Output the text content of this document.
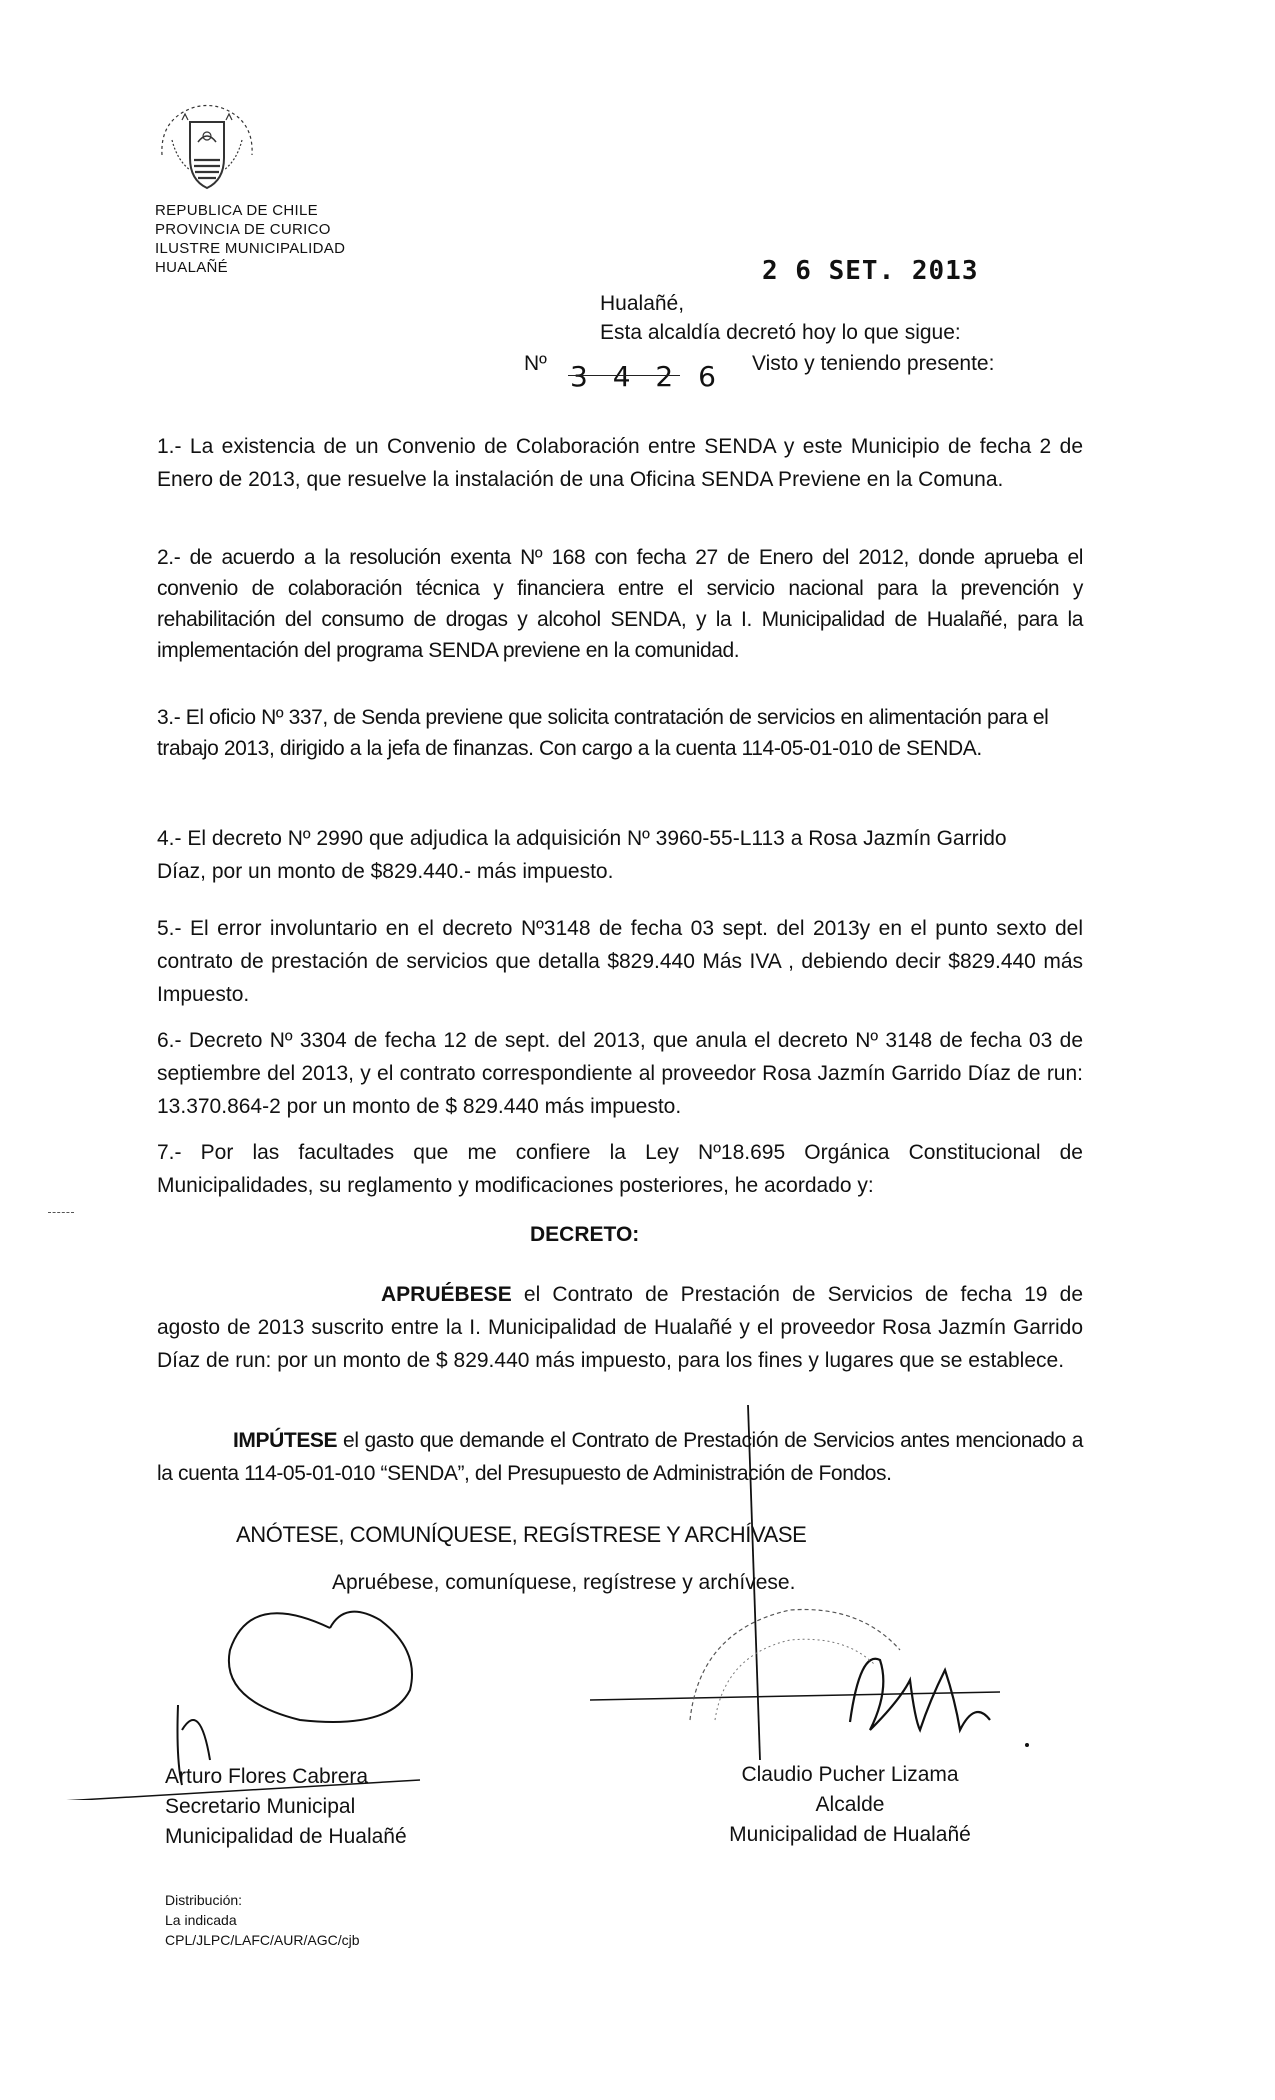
REPUBLICA DE CHILE
PROVINCIA DE CURICO
ILUSTRE MUNICIPALIDAD
HUALAÑÉ	2 6 SET. 2013
Hualañé,
Esta alcaldía decretó hoy lo que sigue:
Nº 3 4 2 6 Visto y teniendo presente:
1.- La existencia de un Convenio de Colaboración entre SENDA y este Municipio de fecha 2 de Enero de 2013, que resuelve la instalación de una Oficina SENDA Previene en la Comuna.
2.- de acuerdo a la resolución exenta Nº 168 con fecha 27 de Enero del 2012, donde aprueba el convenio de colaboración técnica y financiera entre el servicio nacional para la prevención y rehabilitación del consumo de drogas y alcohol SENDA, y la I. Municipalidad de Hualañé, para la implementación del programa SENDA previene en la comunidad.
3.- El oficio Nº 337, de Senda previene que solicita contratación de servicios en alimentación para el trabajo 2013, dirigido a la jefa de finanzas. Con cargo a la cuenta 114-05-01-010 de SENDA.
4.- El decreto Nº 2990 que adjudica la adquisición Nº 3960-55-L113 a Rosa Jazmín Garrido Díaz, por un monto de $829.440.- más impuesto.
5.- El error involuntario en el decreto Nº3148 de fecha 03 sept. del 2013y en el punto sexto del contrato de prestación de servicios que detalla $829.440 Más IVA , debiendo decir $829.440 más Impuesto.
6.- Decreto Nº 3304 de fecha 12 de sept. del 2013, que anula el decreto Nº 3148 de fecha 03 de septiembre del 2013, y el contrato correspondiente al proveedor Rosa Jazmín Garrido Díaz de run: 13.370.864-2 por un monto de $ 829.440 más impuesto.
7.- Por las facultades que me confiere la Ley Nº18.695 Orgánica Constitucional de Municipalidades, su reglamento y modificaciones posteriores, he acordado y:
DECRETO:
APRUÉBESE el Contrato de Prestación de Servicios de fecha 19 de agosto de 2013 suscrito entre la I. Municipalidad de Hualañé y el proveedor Rosa Jazmín Garrido Díaz de run: por un monto de $ 829.440 más impuesto, para los fines y lugares que se establece.
IMPÚTESE el gasto que demande el Contrato de Prestación de Servicios antes mencionado a la cuenta 114-05-01-010 “SENDA”, del Presupuesto de Administración de Fondos.
ANÓTESE, COMUNÍQUESE, REGÍSTRESE Y ARCHÍVASE
Apruébese, comuníquese, regístrese y archívese.
Arturo Flores Cabrera
Secretario Municipal
Municipalidad de Hualañé
Claudio Pucher Lizama
Alcalde
Municipalidad de Hualañé
Distribución:
La indicada
CPL/JLPC/LAFC/AUR/AGC/cjb
